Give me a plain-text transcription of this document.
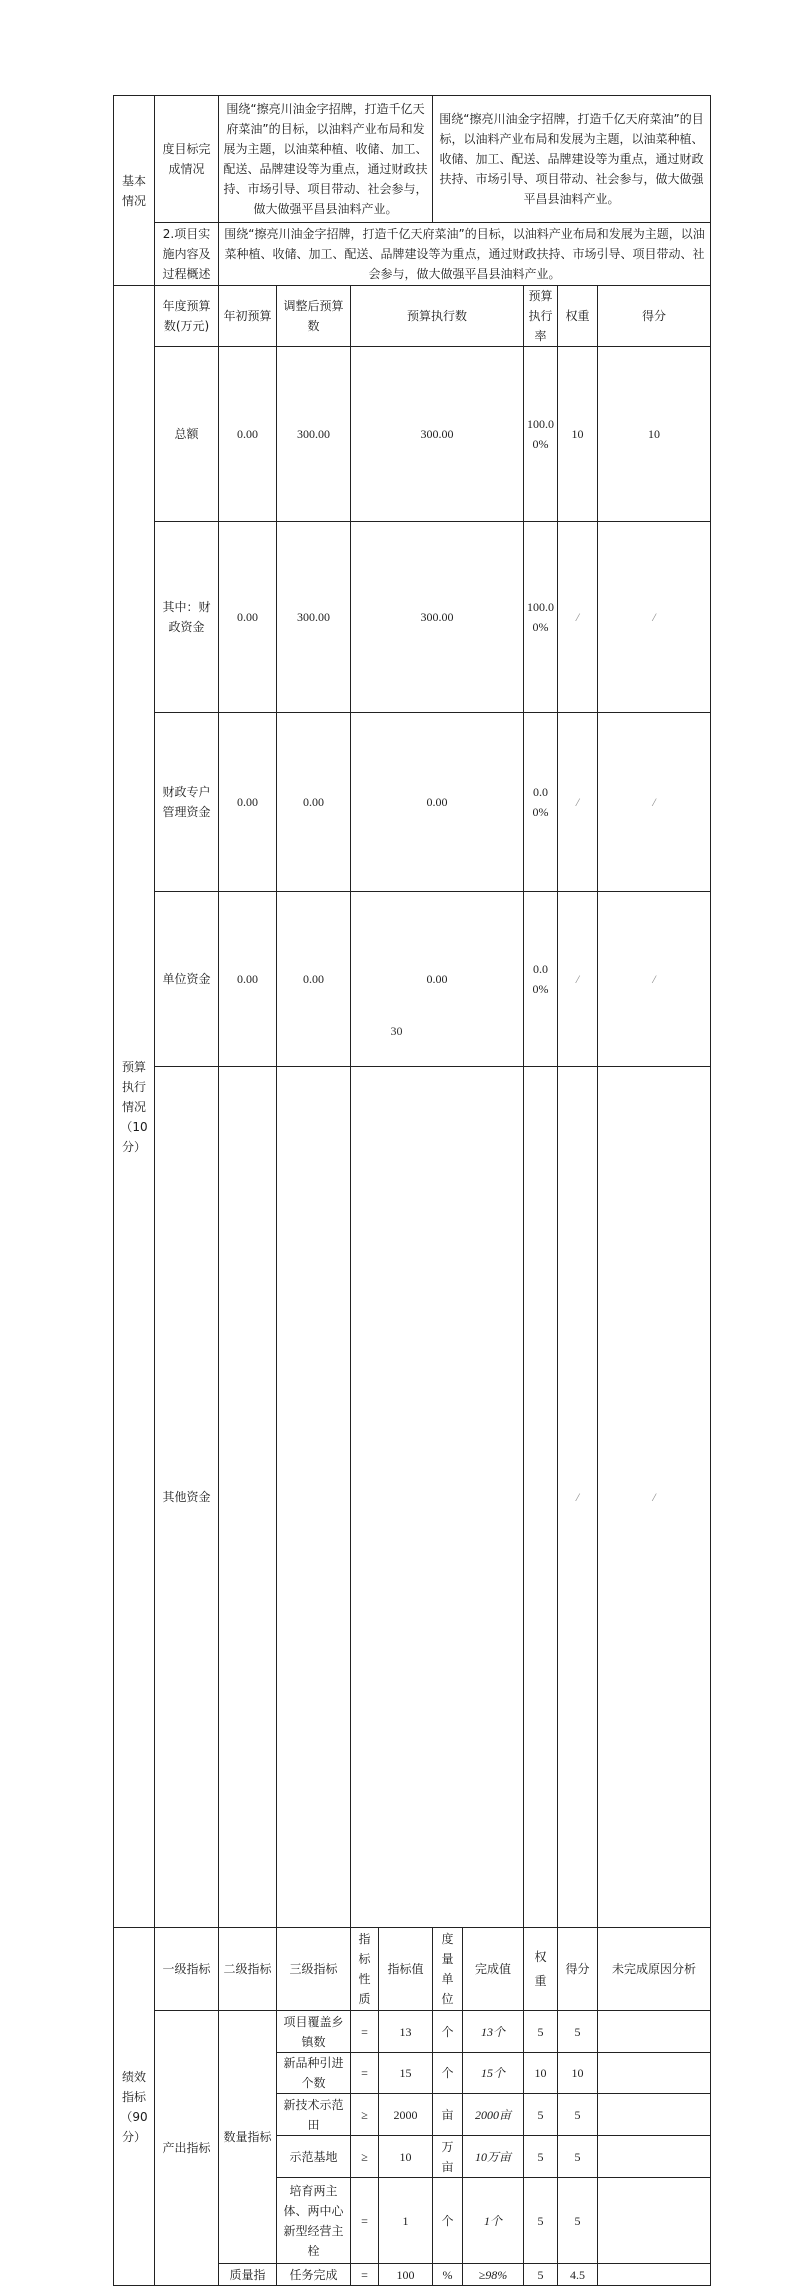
基本情况	度目标完成情况	围绕“擦亮川油金字招牌，打造千亿天府菜油”的目标，以油料产业布局和发展为主题，以油菜种植、收储、加工、配送、品牌建设等为重点，通过财政扶持、市场引导、项目带动、社会参与，做大做强平昌县油料产业。				围绕“擦亮川油金字招牌，打造千亿天府菜油”的目标，以油料产业布局和发展为主题，以油菜种植、收储、加工、配送、品牌建设等为重点，通过财政扶持、市场引导、项目带动、社会参与，做大做强平昌县油料产业。					
	2.项目实施内容及过程概述	围绕“擦亮川油金字招牌，打造千亿天府菜油”的目标，以油料产业布局和发展为主题，以油菜种植、收储、加工、配送、品牌建设等为重点，通过财政扶持、市场引导、项目带动、社会参与，做大做强平昌县油料产业。									
预算执行情况（10分）	年度预算数(万元)	年初预算	调整后预算数	预算执行数				预算执行率	权重	得分	
	总额	0.00	300.00	300.00				100.00%	10	10	
	其中：财政资金	0.00	300.00	300.00				100.00%	/	/	
	财政专户管理资金	0.00	0.00	0.00				0.00%	/	/	
	单位资金	0.00	0.00	0.00				0.00%	/	/	
	其他资金								/	/	
绩效指标（90分）	一级指标	二级指标	三级指标	指标性质	指标值	度量单位	完成值	权重	得分	未完成原因分析	
	产出指标	数量指标	项目覆盖乡镇数	=	13	个	13个	5	5		
			新品种引进个数	=	15	个	15个	10	10		
			新技术示范田	≥	2000	亩	2000亩	5	5		
			示范基地	≥	10	万亩	10万亩	5	5		
			培育两主体、两中心新型经营主栓	=	1	个	1个	5	5		
		质量指	任务完成	=	100	%	≥98%	5	4.5		
30
